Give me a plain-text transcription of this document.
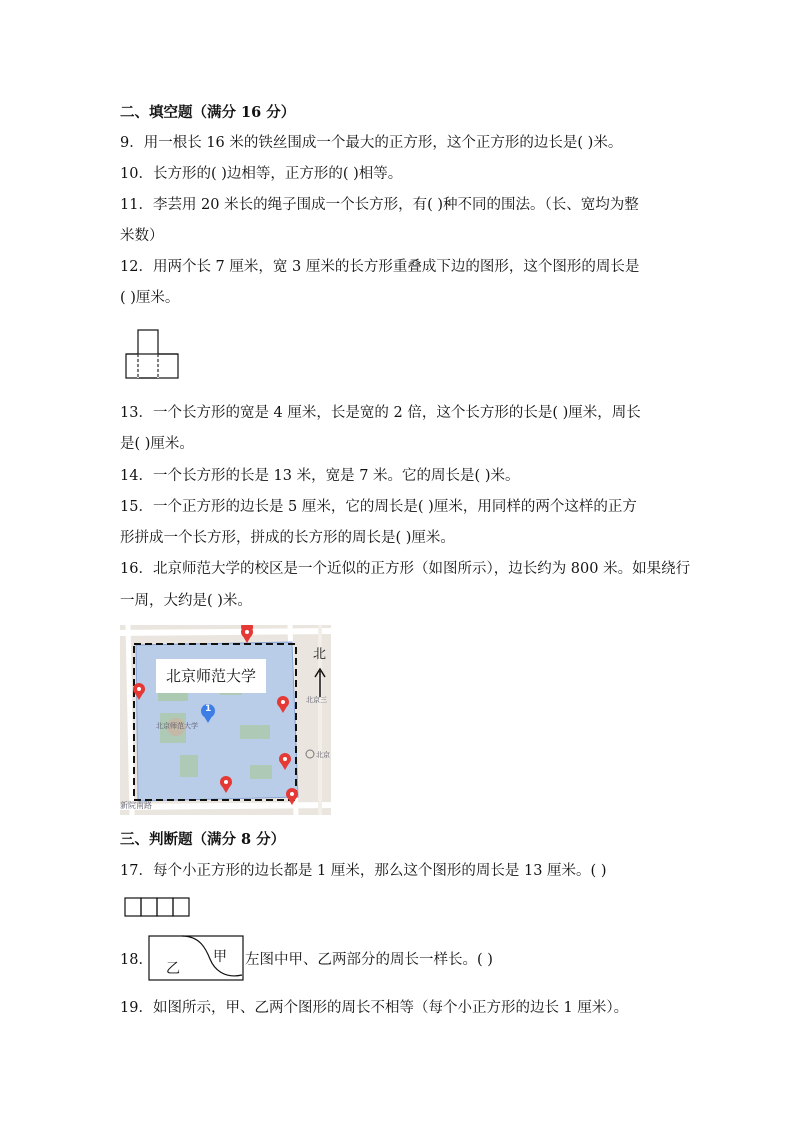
二、填空题（满分 16 分）
9．用一根长 16 米的铁丝围成一个最大的正方形，这个正方形的边长是( )米。
10．长方形的( )边相等，正方形的( )相等。
11．李芸用 20 米长的绳子围成一个长方形，有( )种不同的围法。（长、宽均为整
米数）
12．用两个长 7 厘米，宽 3 厘米的长方形重叠成下边的图形，这个图形的周长是
( )厘米。
13．一个长方形的宽是 4 厘米，长是宽的 2 倍，这个长方形的长是( )厘米，周长
是( )厘米。
14．一个长方形的长是 13 米，宽是 7 米。它的周长是( )米。
15．一个正方形的边长是 5 厘米，它的周长是( )厘米，用同样的两个这样的正方
形拼成一个长方形，拼成的长方形的周长是( )厘米。
16．北京师范大学的校区是一个近似的正方形（如图所示），边长约为 800 米。如果绕行
一周，大约是( )米。
北京师范大学
北
1
北京师范大学
北京三
北京
新院南路
三、判断题（满分 8 分）
17．每个小正方形的边长都是 1 厘米，那么这个图形的周长是 13 厘米。( )
18．	甲
乙
左图中甲、乙两部分的周长一样长。( )
19．如图所示，甲、乙两个图形的周长不相等（每个小正方形的边长 1 厘米）。
